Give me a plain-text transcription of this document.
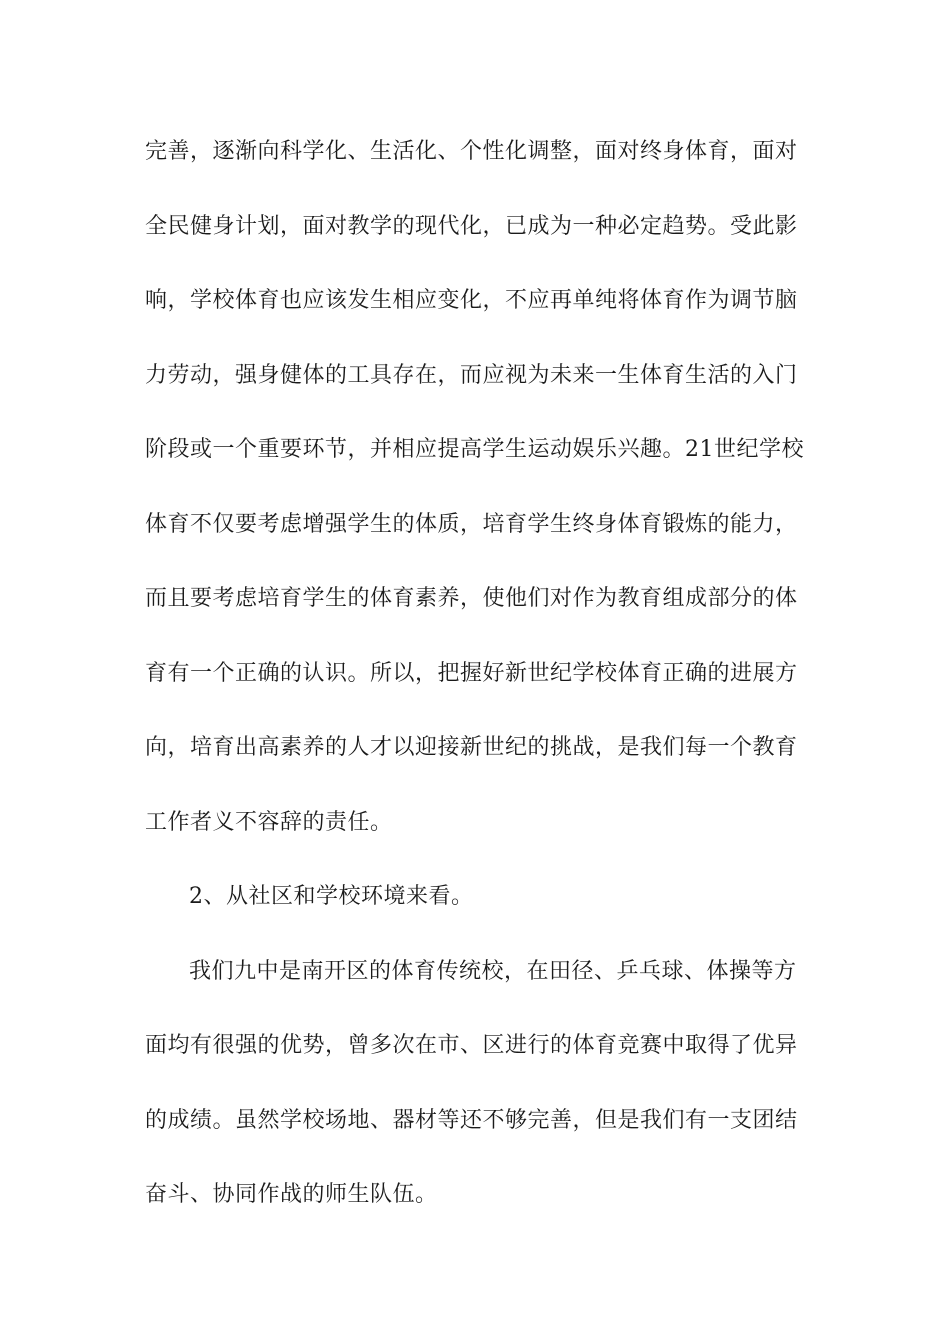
完善，逐渐向科学化、生活化、个性化调整，面对终身体育，面对
全民健身计划，面对教学的现代化，已成为一种必定趋势。受此影
响，学校体育也应该发生相应变化，不应再单纯将体育作为调节脑
力劳动，强身健体的工具存在，而应视为未来一生体育生活的入门
阶段或一个重要环节，并相应提高学生运动娱乐兴趣。21世纪学校
体育不仅要考虑增强学生的体质，培育学生终身体育锻炼的能力，
而且要考虑培育学生的体育素养，使他们对作为教育组成部分的体
育有一个正确的认识。所以，把握好新世纪学校体育正确的进展方
向，培育出高素养的人才以迎接新世纪的挑战，是我们每一个教育
工作者义不容辞的责任。
2、从社区和学校环境来看。
我们九中是南开区的体育传统校，在田径、乒乓球、体操等方
面均有很强的优势，曾多次在市、区进行的体育竞赛中取得了优异
的成绩。虽然学校场地、器材等还不够完善，但是我们有一支团结
奋斗、协同作战的师生队伍。
